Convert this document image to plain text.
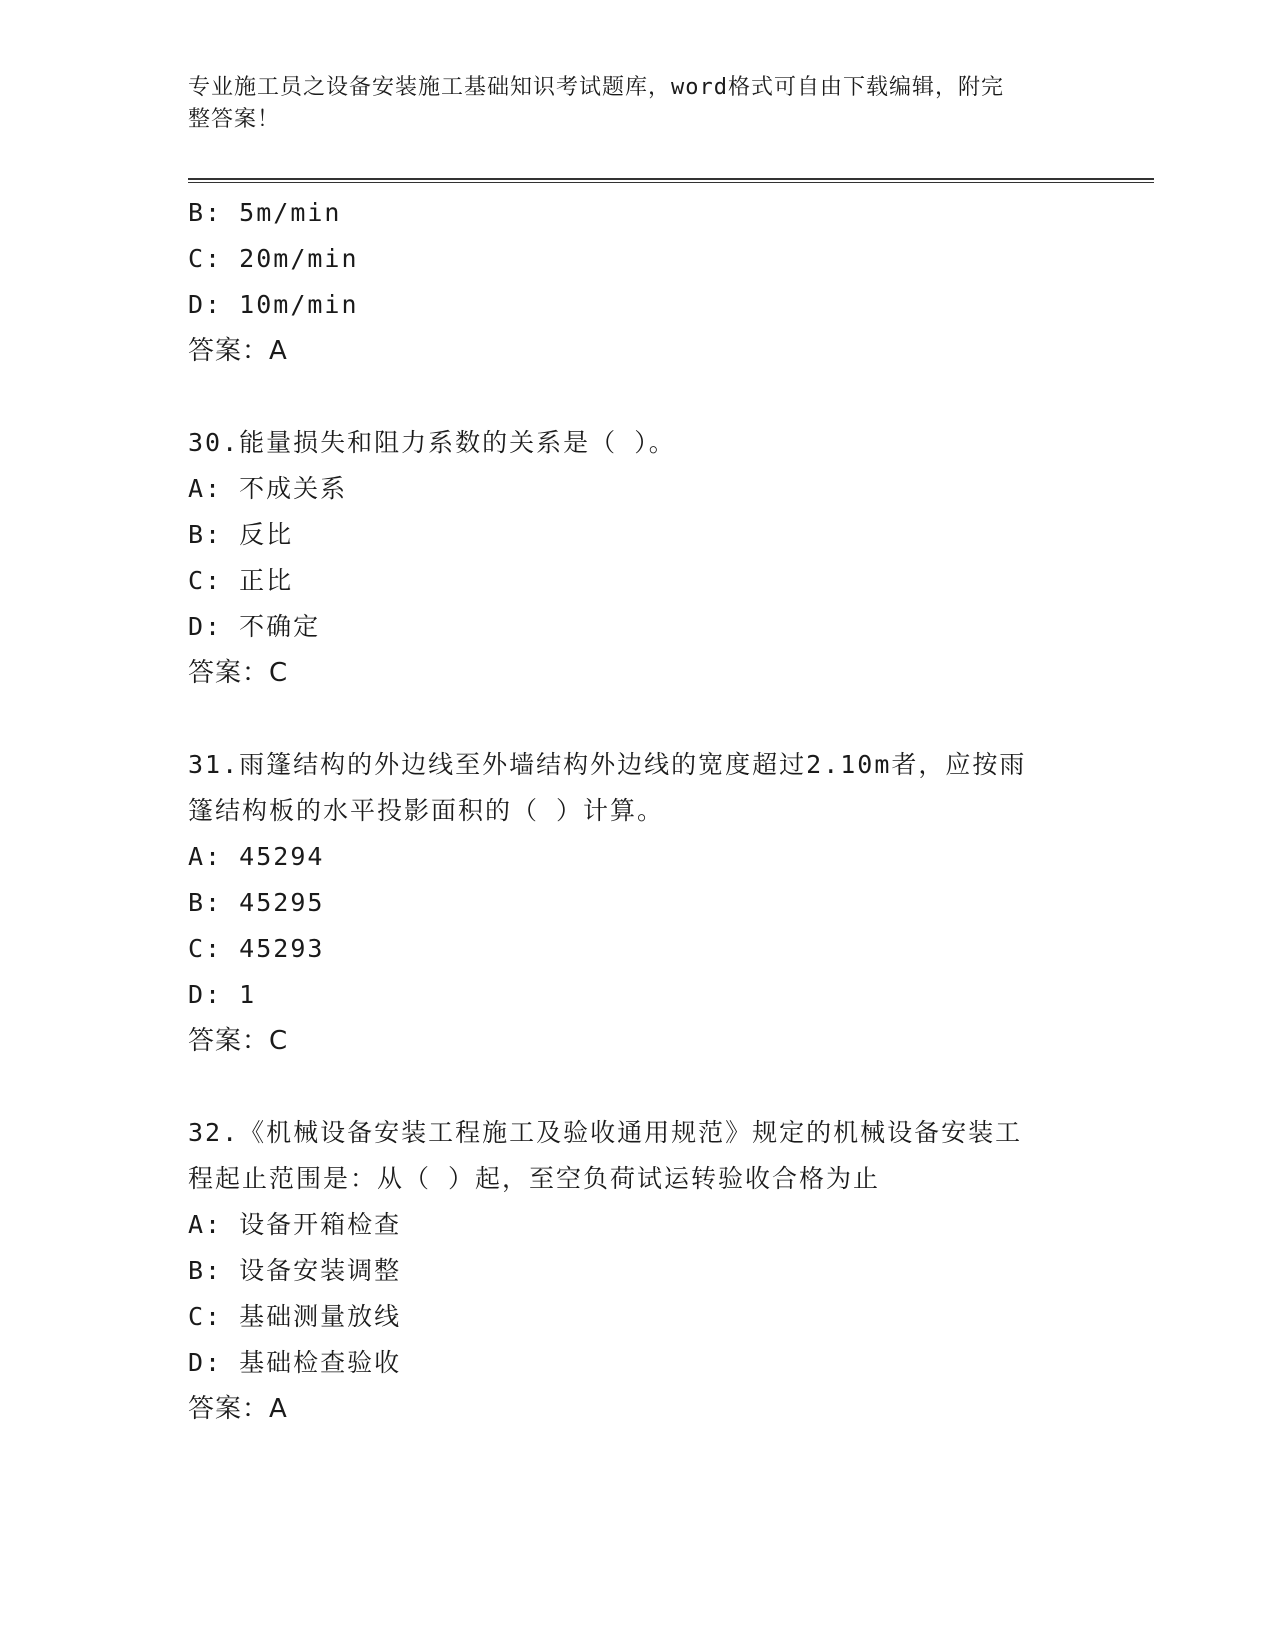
专业施工员之设备安装施工基础知识考试题库，word格式可自由下载编辑，附完
整答案！
B: 5m/min
C: 20m/min
D: 10m/min
答案：A
30.能量损失和阻力系数的关系是（ ）。
A: 不成关系
B: 反比
C: 正比
D: 不确定
答案：C
31.雨篷结构的外边线至外墙结构外边线的宽度超过2.10m者，应按雨
篷结构板的水平投影面积的（ ）计算。
A: 45294
B: 45295
C: 45293
D: 1
答案：C
32.《机械设备安装工程施工及验收通用规范》规定的机械设备安装工
程起止范围是：从（ ）起，至空负荷试运转验收合格为止
A: 设备开箱检查
B: 设备安装调整
C: 基础测量放线
D: 基础检查验收
答案：A
